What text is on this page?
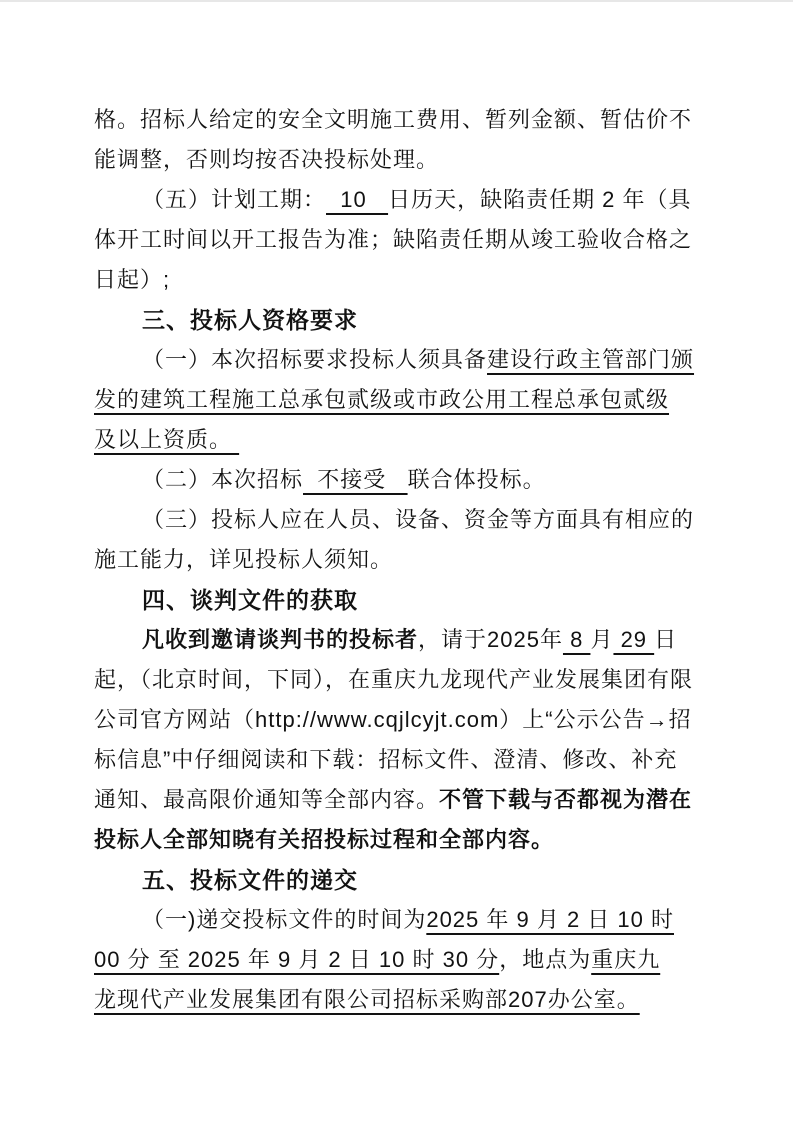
格。招标人给定的安全文明施工费用、暂列金额、暂估价不
能调整，否则均按否决投标处理。
（五）计划工期：  10   日历天，缺陷责任期 2 年（具
体开工时间以开工报告为准；缺陷责任期从竣工验收合格之
日起）;
三、投标人资格要求
（一）本次招标要求投标人须具备建设行政主管部门颁
发的建筑工程施工总承包贰级或市政公用工程总承包贰级
及以上资质。
（二）本次招标  不接受   联合体投标。
（三）投标人应在人员、设备、资金等方面具有相应的
施工能力，详见投标人须知。
四、谈判文件的获取
凡收到邀请谈判书的投标者，请于2025年 8 月 29 日
起，（北京时间，下同），在重庆九龙现代产业发展集团有限
公司官方网站（http://www.cqjlcyjt.com）上“公示公告→招
标信息”中仔细阅读和下载：招标文件、澄清、修改、补充
通知、最高限价通知等全部内容。不管下载与否都视为潜在
投标人全部知晓有关招投标过程和全部内容。
五、投标文件的递交
（一)递交投标文件的时间为2025 年 9 月 2 日 10 时
00 分 至 2025 年 9 月 2 日 10 时 30 分，地点为重庆九
龙现代产业发展集团有限公司招标采购部207办公室。
